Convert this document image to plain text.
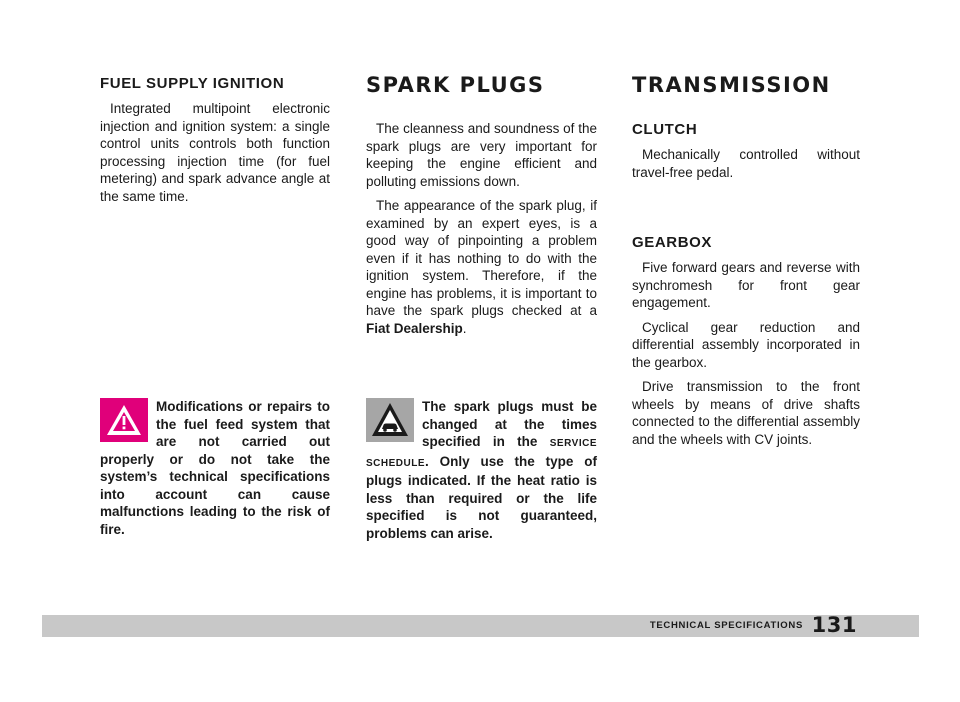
FUEL SUPPLY IGNITION

Integrated multipoint electronic injection and ignition system: a single control units controls both function processing injection time (for fuel metering) and spark advance angle at the same time.

SPARK PLUGS

The cleanness and soundness of the spark plugs are very important for keeping the engine efficient and polluting emissions down.

The appearance of the spark plug, if examined by an expert eyes, is a good way of pinpointing a problem even if it has nothing to do with the ignition system. Therefore, if the engine has problems, it is important to have the spark plugs checked at a Fiat Dealership.

TRANSMISSION
CLUTCH

Mechanically controlled without travel-free pedal.

GEARBOX

Five forward gears and reverse with synchromesh for front gear engagement.

Cyclical gear reduction and differential assembly incorporated in the gearbox.

Drive transmission to the front wheels by means of drive shafts connected to the differential assembly and the wheels with CV joints.

Modifications or repairs to the fuel feed system that are not carried out properly or do not take the system’s technical specifications into account can cause malfunctions leading to the risk of fire.
The spark plugs must be changed at the times specified in the SERVICE SCHEDULE. Only use the type of plugs indicated. If the heat ratio is less than required or the life specified is not guaranteed, problems can arise.
TECHNICAL SPECIFICATIONS 131
